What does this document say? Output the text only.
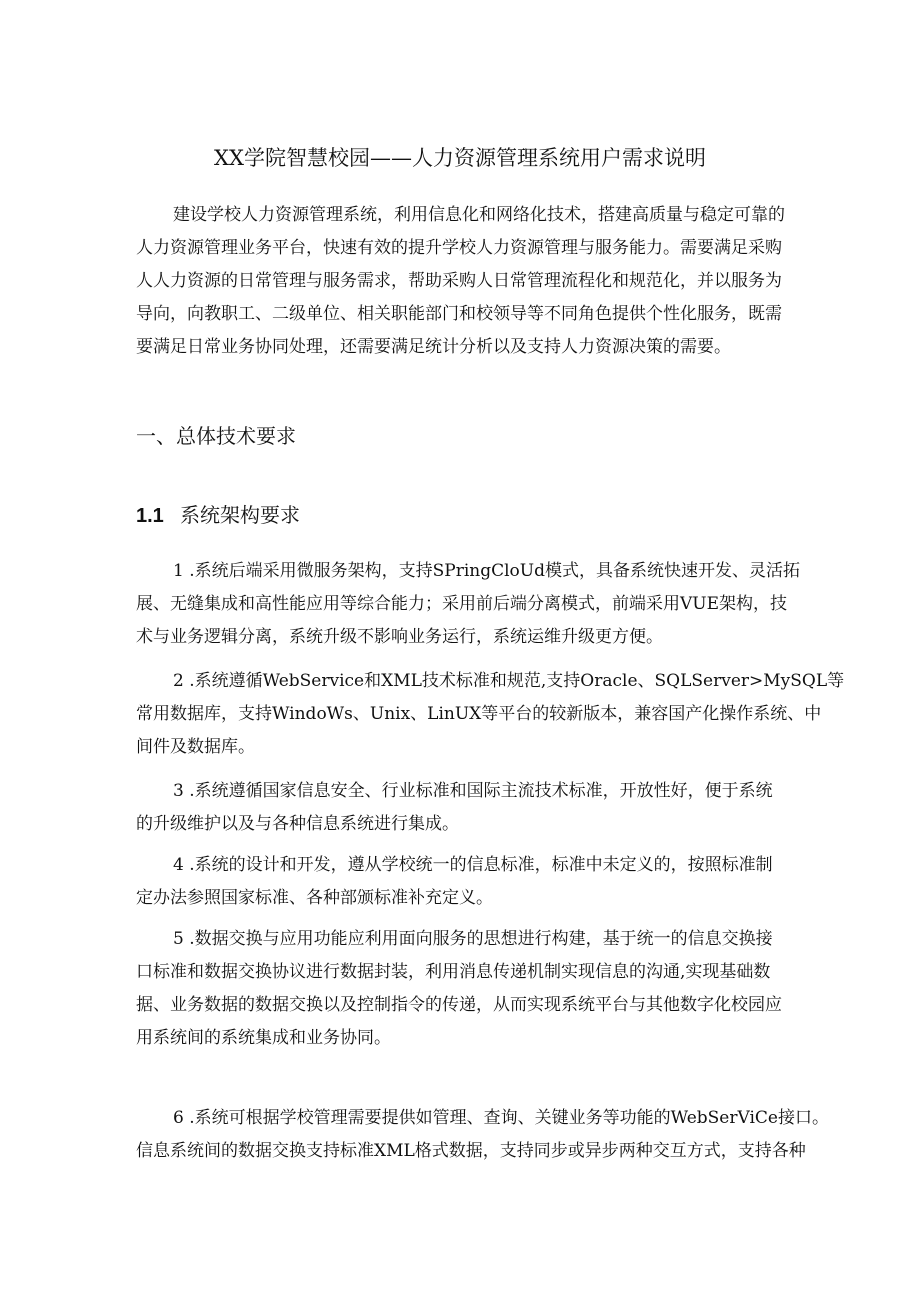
XX学院智慧校园——人力资源管理系统用户需求说明
建设学校人力资源管理系统，利用信息化和网络化技术，搭建高质量与稳定可靠的
人力资源管理业务平台，快速有效的提升学校人力资源管理与服务能力。需要满足采购
人人力资源的日常管理与服务需求，帮助采购人日常管理流程化和规范化，并以服务为
导向，向教职工、二级单位、相关职能部门和校领导等不同角色提供个性化服务，既需
要满足日常业务协同处理，还需要满足统计分析以及支持人力资源决策的需要。
一、总体技术要求
1.1 系统架构要求
1 .系统后端采用微服务架构，支持SPringCloUd模式，具备系统快速开发、灵活拓
展、无缝集成和高性能应用等综合能力；采用前后端分离模式，前端采用VUE架构，技
术与业务逻辑分离，系统升级不影响业务运行，系统运维升级更方便。
2 .系统遵循WebService和XML技术标准和规范,支持Oracle、SQLServer>MySQL等
常用数据库，支持WindoWs、Unix、LinUX等平台的较新版本，兼容国产化操作系统、中
间件及数据库。
3 .系统遵循国家信息安全、行业标准和国际主流技术标准，开放性好，便于系统
的升级维护以及与各种信息系统进行集成。
4 .系统的设计和开发，遵从学校统一的信息标准，标准中未定义的，按照标准制
定办法参照国家标准、各种部颁标准补充定义。
5 .数据交换与应用功能应利用面向服务的思想进行构建，基于统一的信息交换接
口标准和数据交换协议进行数据封装，利用消息传递机制实现信息的沟通,实现基础数
据、业务数据的数据交换以及控制指令的传递，从而实现系统平台与其他数字化校园应
用系统间的系统集成和业务协同。
6 .系统可根据学校管理需要提供如管理、查询、关键业务等功能的WebSerViCe接口。
信息系统间的数据交换支持标准XML格式数据，支持同步或异步两种交互方式，支持各种
